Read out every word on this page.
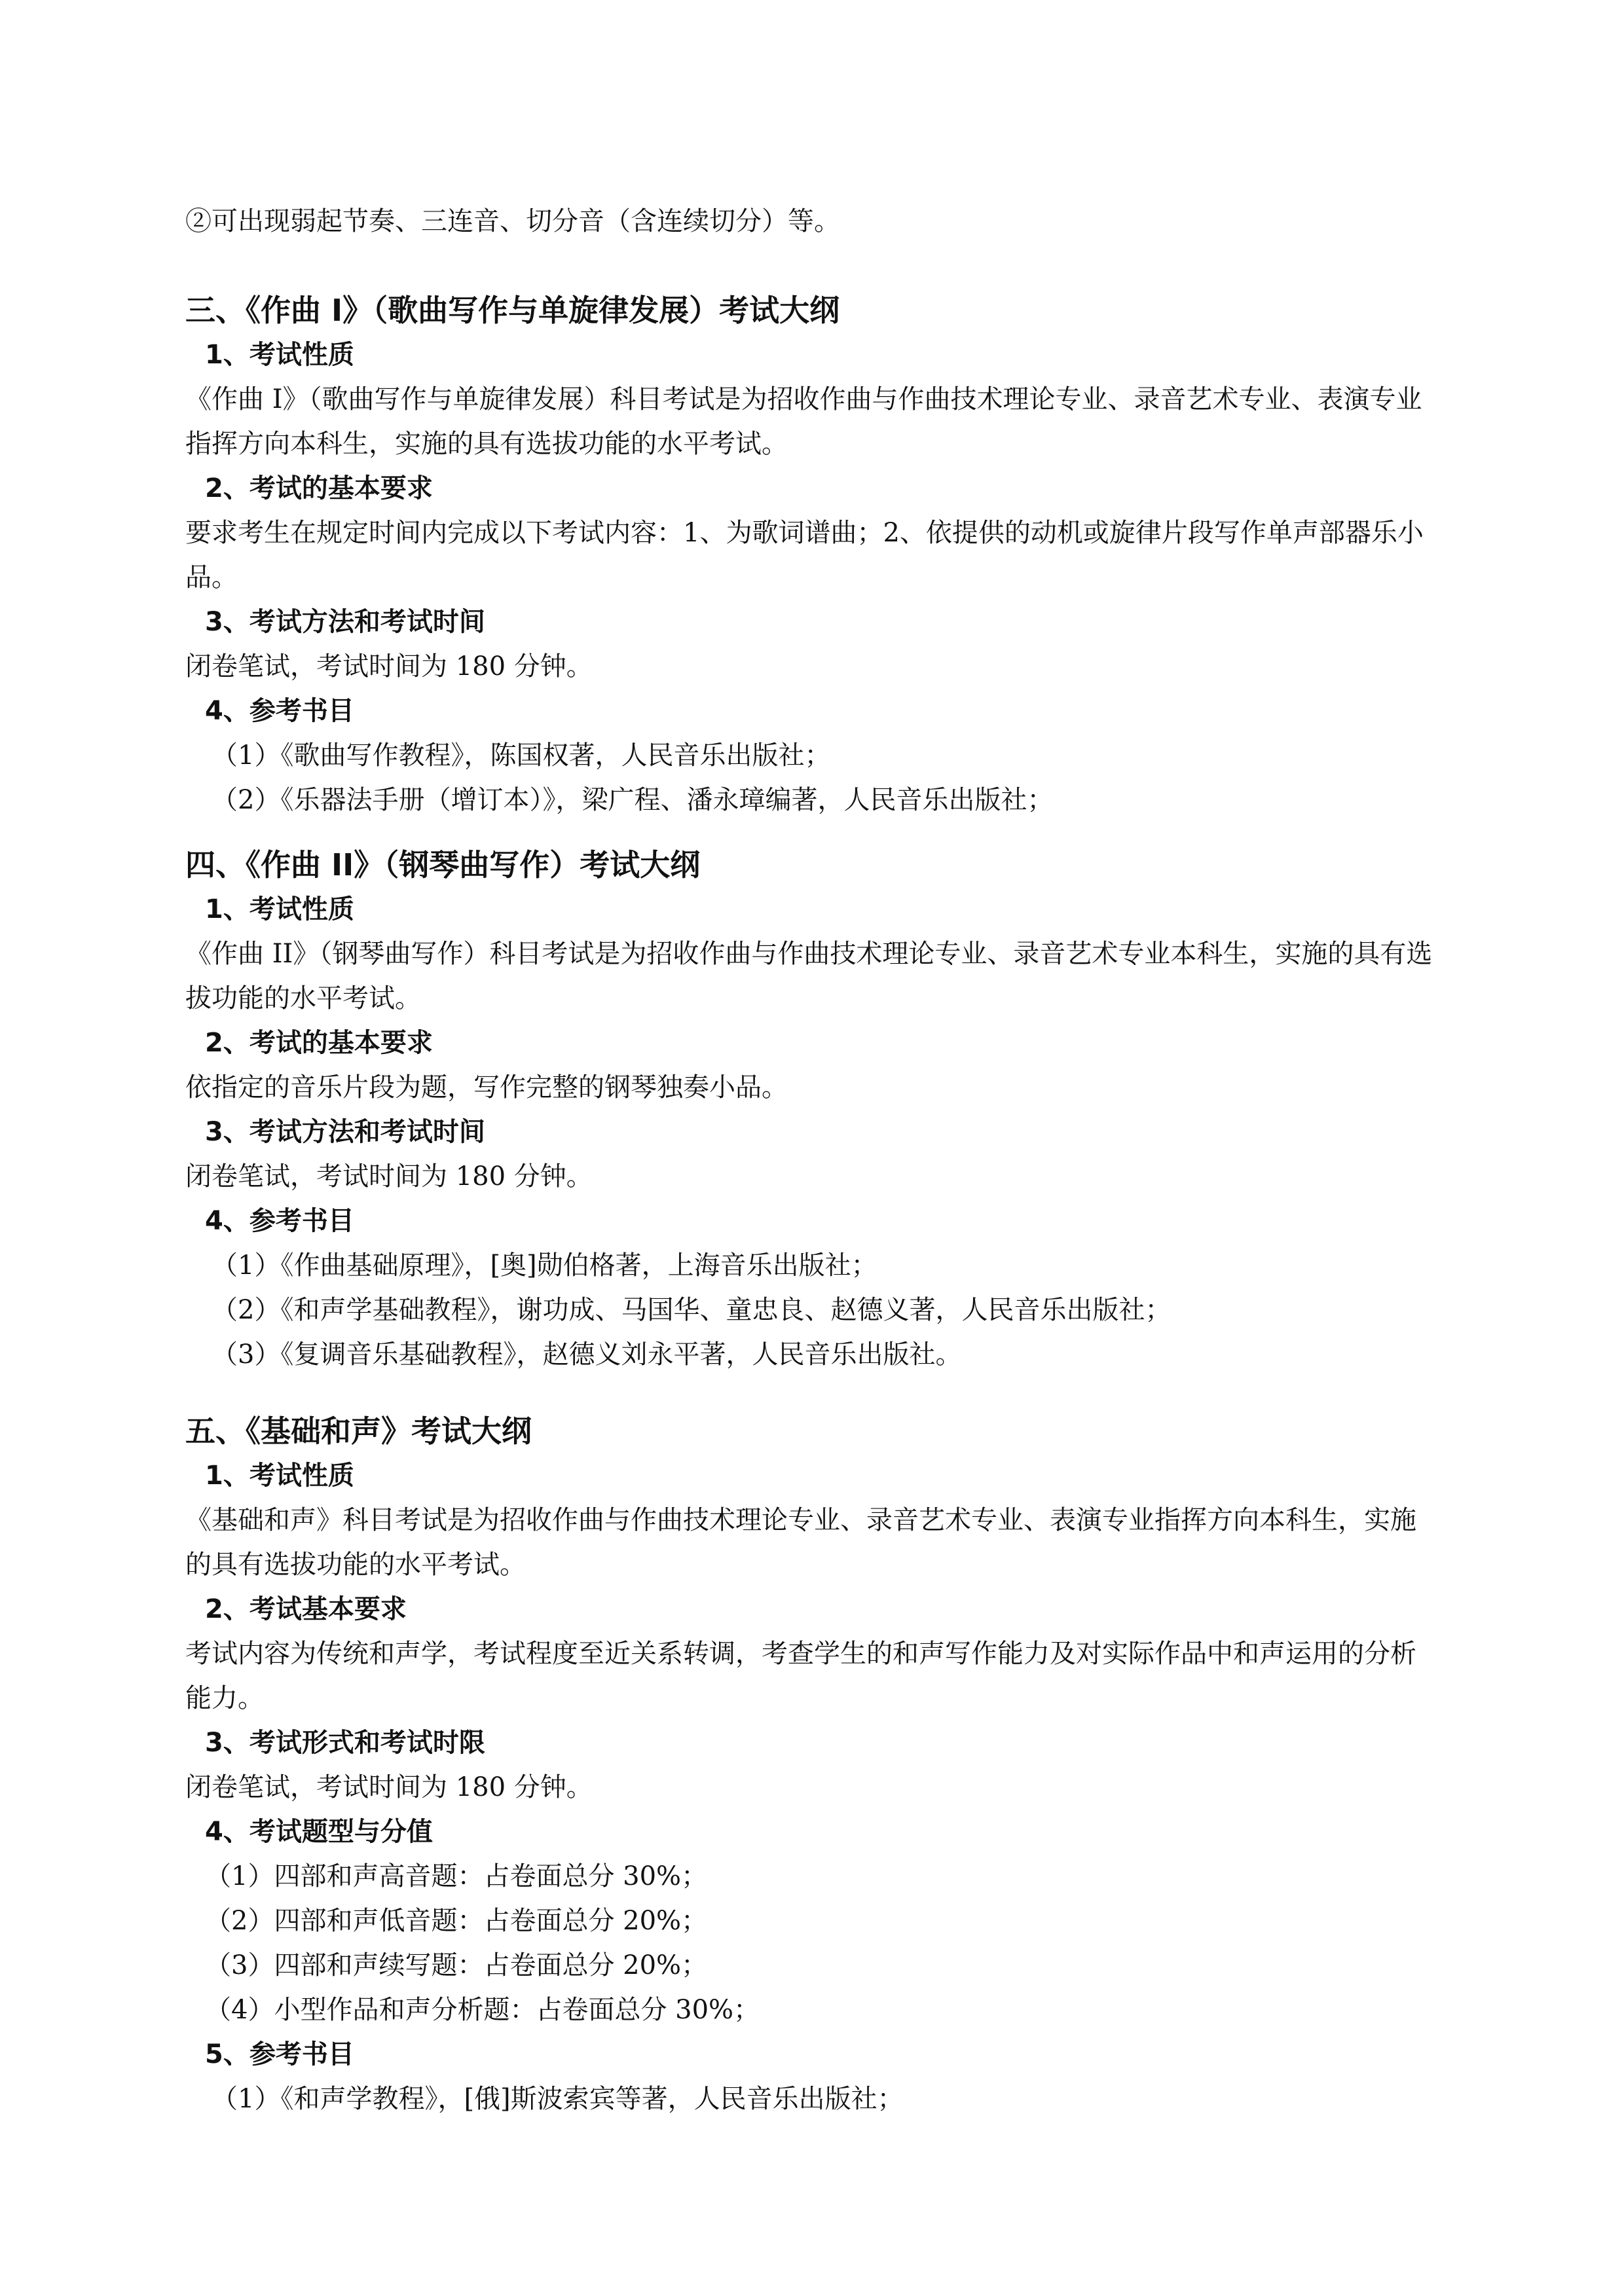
②可出现弱起节奏、三连音、切分音（含连续切分）等。
三、《作曲 I》（歌曲写作与单旋律发展）考试大纲
1、考试性质
《作曲 I》（歌曲写作与单旋律发展）科目考试是为招收作曲与作曲技术理论专业、录音艺术专业、表演专业指挥方向本科生，实施的具有选拔功能的水平考试。
2、考试的基本要求
要求考生在规定时间内完成以下考试内容：1、为歌词谱曲；2、依提供的动机或旋律片段写作单声部器乐小品。
3、考试方法和考试时间
闭卷笔试，考试时间为 180 分钟。
4、参考书目
（1）《歌曲写作教程》，陈国权著，人民音乐出版社；
（2）《乐器法手册（增订本）》，梁广程、潘永璋编著，人民音乐出版社；
四、《作曲 II》（钢琴曲写作）考试大纲
1、考试性质
《作曲 II》（钢琴曲写作）科目考试是为招收作曲与作曲技术理论专业、录音艺术专业本科生，实施的具有选拔功能的水平考试。
2、考试的基本要求
依指定的音乐片段为题，写作完整的钢琴独奏小品。
3、考试方法和考试时间
闭卷笔试，考试时间为 180 分钟。
4、参考书目
（1）《作曲基础原理》，[奥]勋伯格著，上海音乐出版社；
（2）《和声学基础教程》，谢功成、马国华、童忠良、赵德义著，人民音乐出版社；
（3）《复调音乐基础教程》，赵德义刘永平著，人民音乐出版社。
五、《基础和声》考试大纲
1、考试性质
《基础和声》科目考试是为招收作曲与作曲技术理论专业、录音艺术专业、表演专业指挥方向本科生，实施的具有选拔功能的水平考试。
2、考试基本要求
考试内容为传统和声学，考试程度至近关系转调，考查学生的和声写作能力及对实际作品中和声运用的分析能力。
3、考试形式和考试时限
闭卷笔试，考试时间为 180 分钟。
4、考试题型与分值
（1）四部和声高音题：占卷面总分 30%；
（2）四部和声低音题：占卷面总分 20%；
（3）四部和声续写题：占卷面总分 20%；
（4）小型作品和声分析题：占卷面总分 30%；
5、参考书目
（1）《和声学教程》，[俄]斯波索宾等著，人民音乐出版社；
